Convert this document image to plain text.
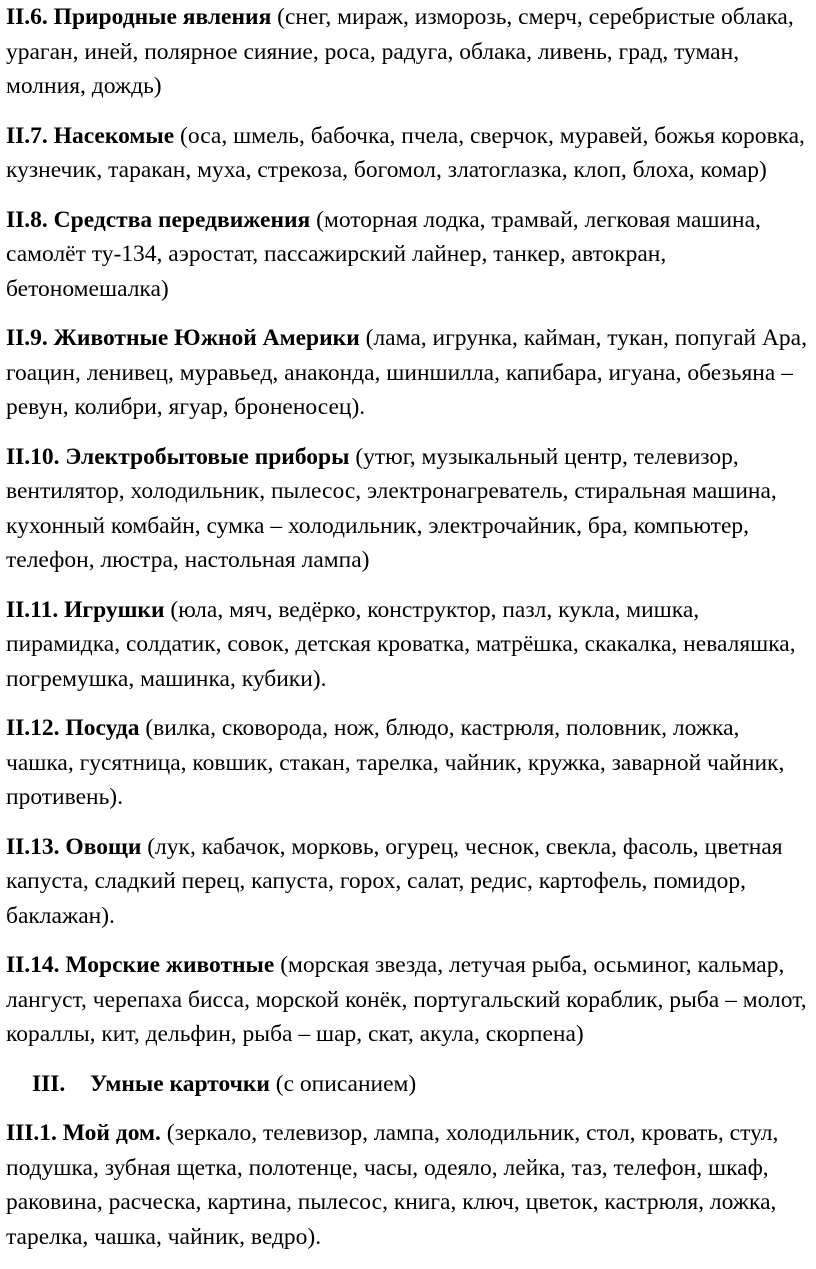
II.6. Природные явления (снег, мираж, изморозь, смерч, серебристые облака, ураган, иней, полярное сияние, роса, радуга, облака, ливень, град, туман, молния, дождь)

II.7. Насекомые (оса, шмель, бабочка, пчела, сверчок, муравей, божья коровка, кузнечик, таракан, муха, стрекоза, богомол, златоглазка, клоп, блоха, комар)

II.8. Средства передвижения (моторная лодка, трамвай, легковая машина, самолёт ту-134, аэростат, пассажирский лайнер, танкер, автокран, бетономешалка)

II.9. Животные Южной Америки (лама, игрунка, кайман, тукан, попугай Ара, гоацин, ленивец, муравьед, анаконда, шиншилла, капибара, игуана, обезьяна – ревун, колибри, ягуар, броненосец).

II.10. Электробытовые приборы (утюг, музыкальный центр, телевизор, вентилятор, холодильник, пылесос, электронагреватель, стиральная машина, кухонный комбайн, сумка – холодильник, электрочайник, бра, компьютер, телефон, люстра, настольная лампа)

II.11. Игрушки (юла, мяч, ведёрко, конструктор, пазл, кукла, мишка, пирамидка, солдатик, совок, детская кроватка, матрёшка, скакалка, неваляшка, погремушка, машинка, кубики).

II.12. Посуда (вилка, сковорода, нож, блюдо, кастрюля, половник, ложка, чашка, гусятница, ковшик, стакан, тарелка, чайник, кружка, заварной чайник, противень).

II.13. Овощи (лук, кабачок, морковь, огурец, чеснок, свекла, фасоль, цветная капуста, сладкий перец, капуста, горох, салат, редис, картофель, помидор, баклажан).

II.14. Морские животные (морская звезда, летучая рыба, осьминог, кальмар, лангуст, черепаха бисса, морской конёк, португальский кораблик, рыба – молот, кораллы, кит, дельфин, рыба – шар, скат, акула, скорпена)

III.	Умные карточки (с описанием)

III.1. Мой дом. (зеркало, телевизор, лампа, холодильник, стол, кровать, стул, подушка, зубная щетка, полотенце, часы, одеяло, лейка, таз, телефон, шкаф, раковина, расческа, картина, пылесос, книга, ключ, цветок, кастрюля, ложка, тарелка, чашка, чайник, ведро).
